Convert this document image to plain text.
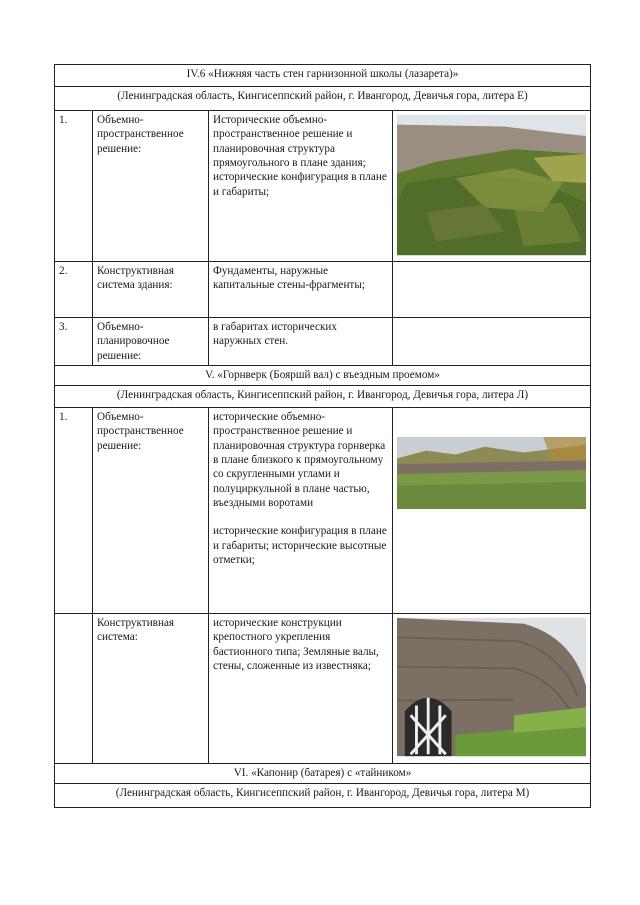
IV.6 «Нижняя часть стен гарнизонной школы (лазарета)»			
(Ленинградская область, Кингисеппский район, г. Ивангород, Девичья гора, литера Е)			
1.	Объемно-пространственное решение:	Исторические объемно-пространственное решение и планировочная структура прямоугольного в плане здания; исторические конфигурация в плане и габариты;	

2.	Конструктивная система здания:	Фундаменты, наружные капитальные стены-фрагменты;	
3.	Объемно-планировочное решение:	в габаритах исторических наружных стен.	
V. «Горнверк (Бояршй вал) с въездным проемом»			
(Ленинградская область, Кингисеппский район, г. Ивангород, Девичья гора, литера Л)			
1.	Объемно-пространственное решение:	исторические объемно-пространственное решение и планировочная структура горнверка в плане близкого к прямоугольному со скругленными углами и полуциркульной в плане частью, въездными воротами
исторические конфигурация в плане и габариты; исторические высотные отметки;

	Конструктивная система:	исторические конструкции крепостного укрепления бастионного типа; Земляные валы, стены, сложенные из известняка;	

VI. «Капонир (батарея) с «тайником»			
(Ленинградская область, Кингисеппский район, г. Ивангород, Девичья гора, литера М)			
